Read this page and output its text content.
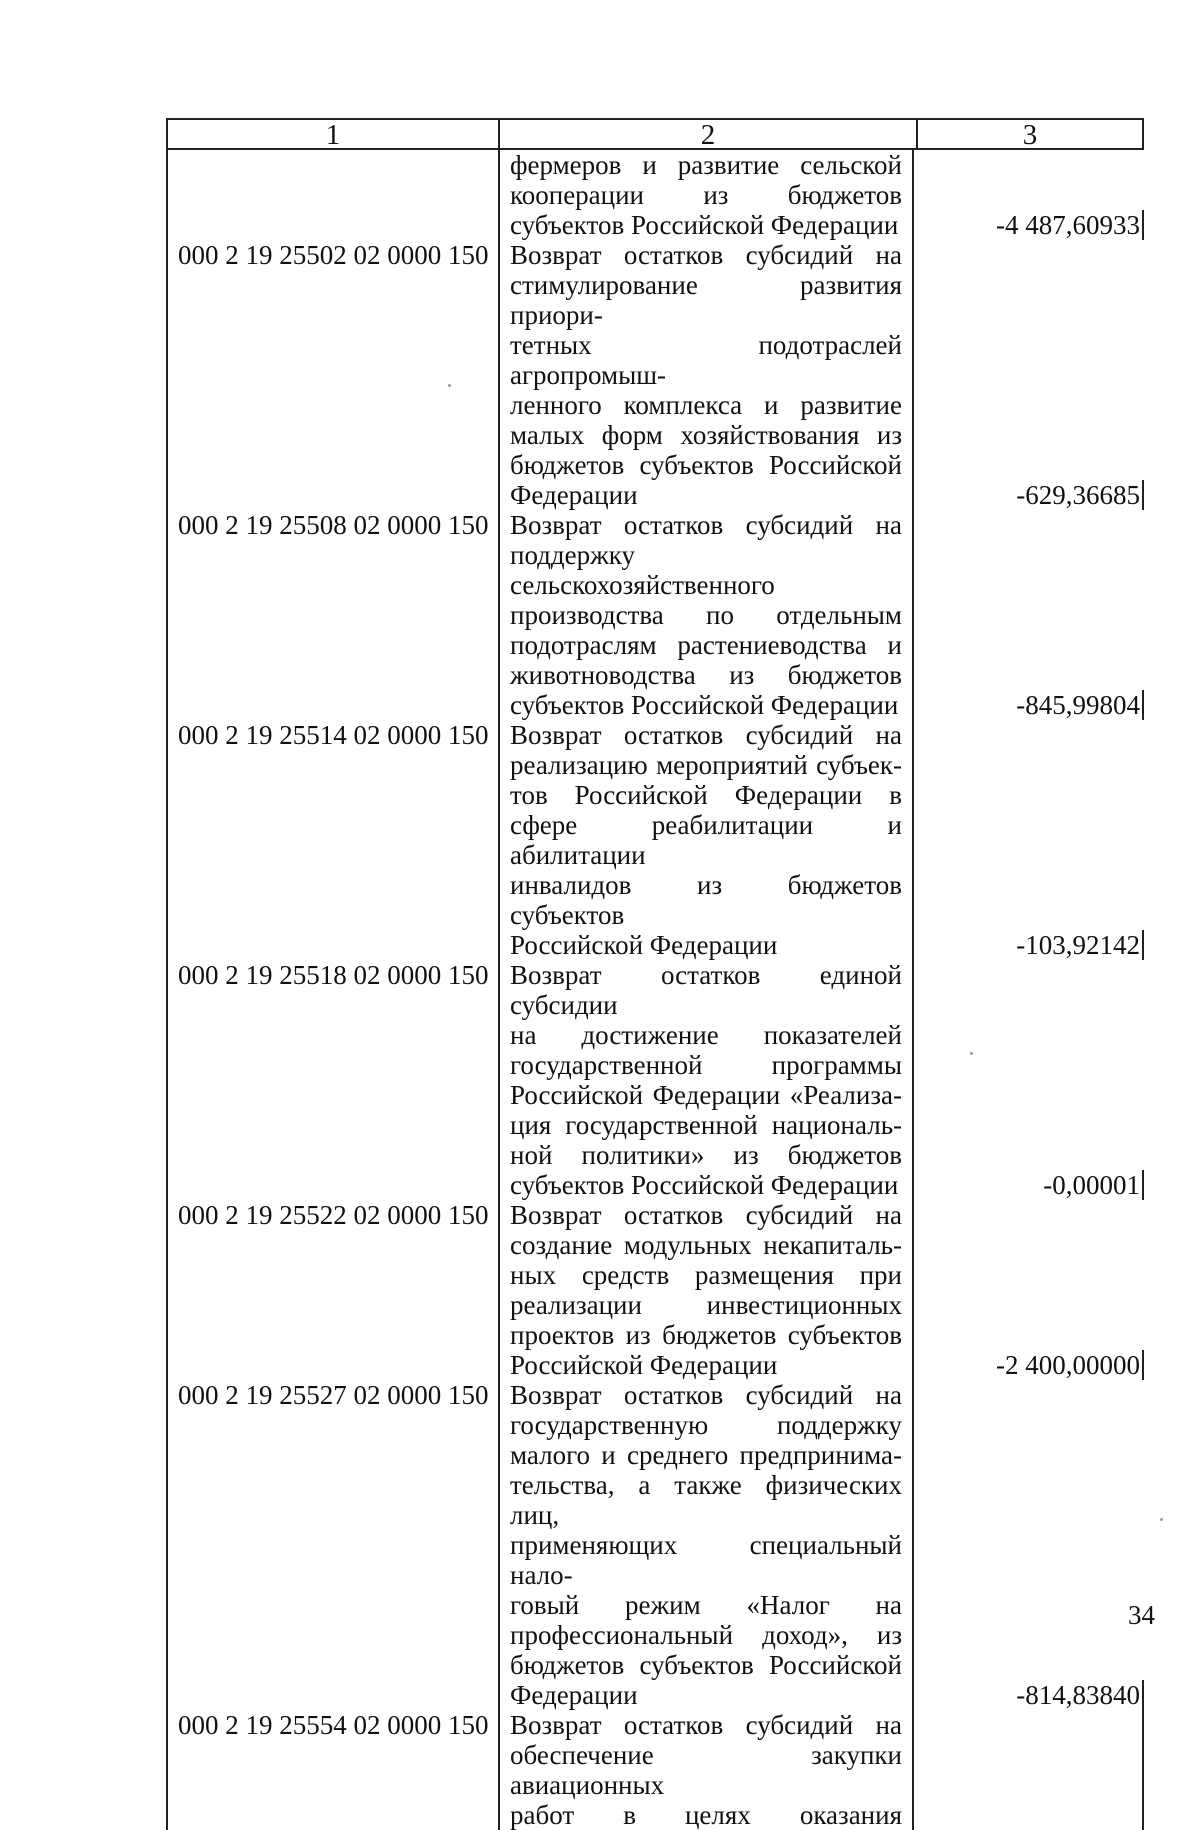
1	2	3
фермеров и развитие сельской
кооперации из бюджетов
субъектов Российской Федерации	-4 487,60933
000 2 19 25502 02 0000 150 Возврат остатков субсидий на
стимулирование развития приори-
тетных подотраслей агропромыш-
ленного комплекса и развитие
малых форм хозяйствования из
бюджетов субъектов Российской
Федерации	-629,36685
000 2 19 25508 02 0000 150 Возврат остатков субсидий на
поддержку сельскохозяйственного
производства по отдельным
подотраслям растениеводства и
животноводства из бюджетов
субъектов Российской Федерации	-845,99804
000 2 19 25514 02 0000 150 Возврат остатков субсидий на
реализацию мероприятий субъек-
тов Российской Федерации в
сфере реабилитации и абилитации
инвалидов из бюджетов субъектов
Российской Федерации	-103,92142
000 2 19 25518 02 0000 150 Возврат остатков единой субсидии
на достижение показателей
государственной программы
Российской Федерации «Реализа-
ция государственной националь-
ной политики» из бюджетов
субъектов Российской Федерации	-0,00001
000 2 19 25522 02 0000 150 Возврат остатков субсидий на
создание модульных некапиталь-
ных средств размещения при
реализации инвестиционных
проектов из бюджетов субъектов
Российской Федерации	-2 400,00000
000 2 19 25527 02 0000 150 Возврат остатков субсидий на
государственную поддержку
малого и среднего предпринима-
тельства, а также физических лиц,
применяющих специальный нало-
говый режим «Налог на
профессиональный доход», из
бюджетов субъектов Российской
Федерации	-814,83840
000 2 19 25554 02 0000 150 Возврат остатков субсидий на
обеспечение закупки авиационных
работ в целях оказания
34
